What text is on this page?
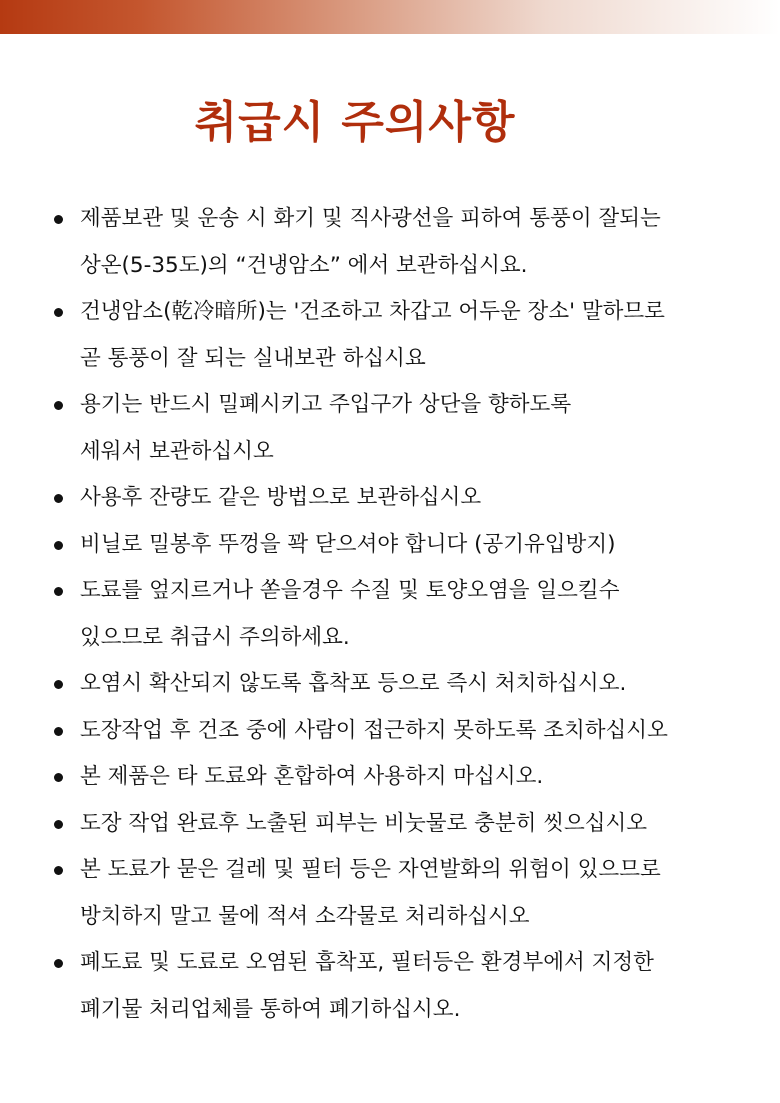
취급시 주의사항
제품보관 및 운송 시 화기 및 직사광선을 피하여 통풍이 잘되는
상온(5-35도)의 “건냉암소” 에서 보관하십시요.
건냉암소(乾冷暗所)는 '건조하고 차갑고 어두운 장소' 말하므로
곧 통풍이 잘 되는 실내보관 하십시요
용기는 반드시 밀폐시키고 주입구가 상단을 향하도록
세워서 보관하십시오
사용후 잔량도 같은 방법으로 보관하십시오
비닐로 밀봉후 뚜껑을 꽉 닫으셔야 합니다 (공기유입방지)
도료를 엎지르거나 쏟을경우 수질 및 토양오염을 일으킬수
있으므로 취급시 주의하세요.
오염시 확산되지 않도록 흡착포 등으로 즉시 처치하십시오.
도장작업 후 건조 중에 사람이 접근하지 못하도록 조치하십시오
본 제품은 타 도료와 혼합하여 사용하지 마십시오.
도장 작업 완료후 노출된 피부는 비눗물로 충분히 씻으십시오
본 도료가 묻은 걸레 및 필터 등은 자연발화의 위험이 있으므로
방치하지 말고 물에 적셔 소각물로 처리하십시오
폐도료 및 도료로 오염된 흡착포, 필터등은 환경부에서 지정한
폐기물 처리업체를 통하여 폐기하십시오.
